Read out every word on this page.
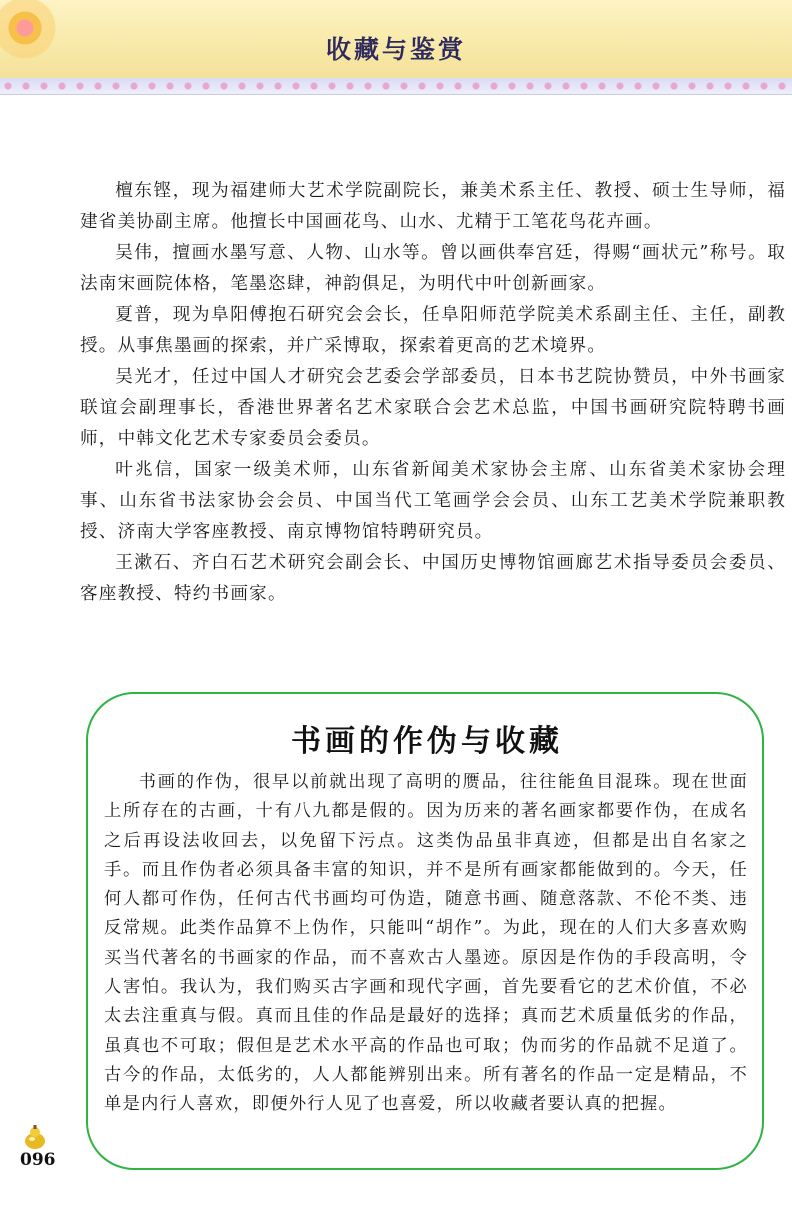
收藏与鉴赏

檀东铿，现为福建师大艺术学院副院长，兼美术系主任、教授、硕士生导师，福建省美协副主席。他擅长中国画花鸟、山水、尤精于工笔花鸟花卉画。

吴伟，擅画水墨写意、人物、山水等。曾以画供奉宫廷，得赐“画状元”称号。取法南宋画院体格，笔墨恣肆，神韵俱足，为明代中叶创新画家。

夏普，现为阜阳傅抱石研究会会长，任阜阳师范学院美术系副主任、主任，副教授。从事焦墨画的探索，并广采博取，探索着更高的艺术境界。

吴光才，任过中国人才研究会艺委会学部委员，日本书艺院协赞员，中外书画家联谊会副理事长，香港世界著名艺术家联合会艺术总监，中国书画研究院特聘书画师，中韩文化艺术专家委员会委员。

叶兆信，国家一级美术师，山东省新闻美术家协会主席、山东省美术家协会理事、山东省书法家协会会员、中国当代工笔画学会会员、山东工艺美术学院兼职教授、济南大学客座教授、南京博物馆特聘研究员。

王漱石、齐白石艺术研究会副会长、中国历史博物馆画廊艺术指导委员会委员、客座教授、特约书画家。

书画的作伪与收藏

书画的作伪，很早以前就出现了高明的赝品，往往能鱼目混珠。现在世面上所存在的古画，十有八九都是假的。因为历来的著名画家都要作伪，在成名之后再设法收回去，以免留下污点。这类伪品虽非真迹，但都是出自名家之手。而且作伪者必须具备丰富的知识，并不是所有画家都能做到的。今天，任何人都可作伪，任何古代书画均可伪造，随意书画、随意落款、不伦不类、违反常规。此类作品算不上伪作，只能叫“胡作”。为此，现在的人们大多喜欢购买当代著名的书画家的作品，而不喜欢古人墨迹。原因是作伪的手段高明，令人害怕。我认为，我们购买古字画和现代字画，首先要看它的艺术价值，不必太去注重真与假。真而且佳的作品是最好的选择；真而艺术质量低劣的作品，虽真也不可取；假但是艺术水平高的作品也可取；伪而劣的作品就不足道了。古今的作品，太低劣的，人人都能辨别出来。所有著名的作品一定是精品，不单是内行人喜欢，即便外行人见了也喜爱，所以收藏者要认真的把握。

096
